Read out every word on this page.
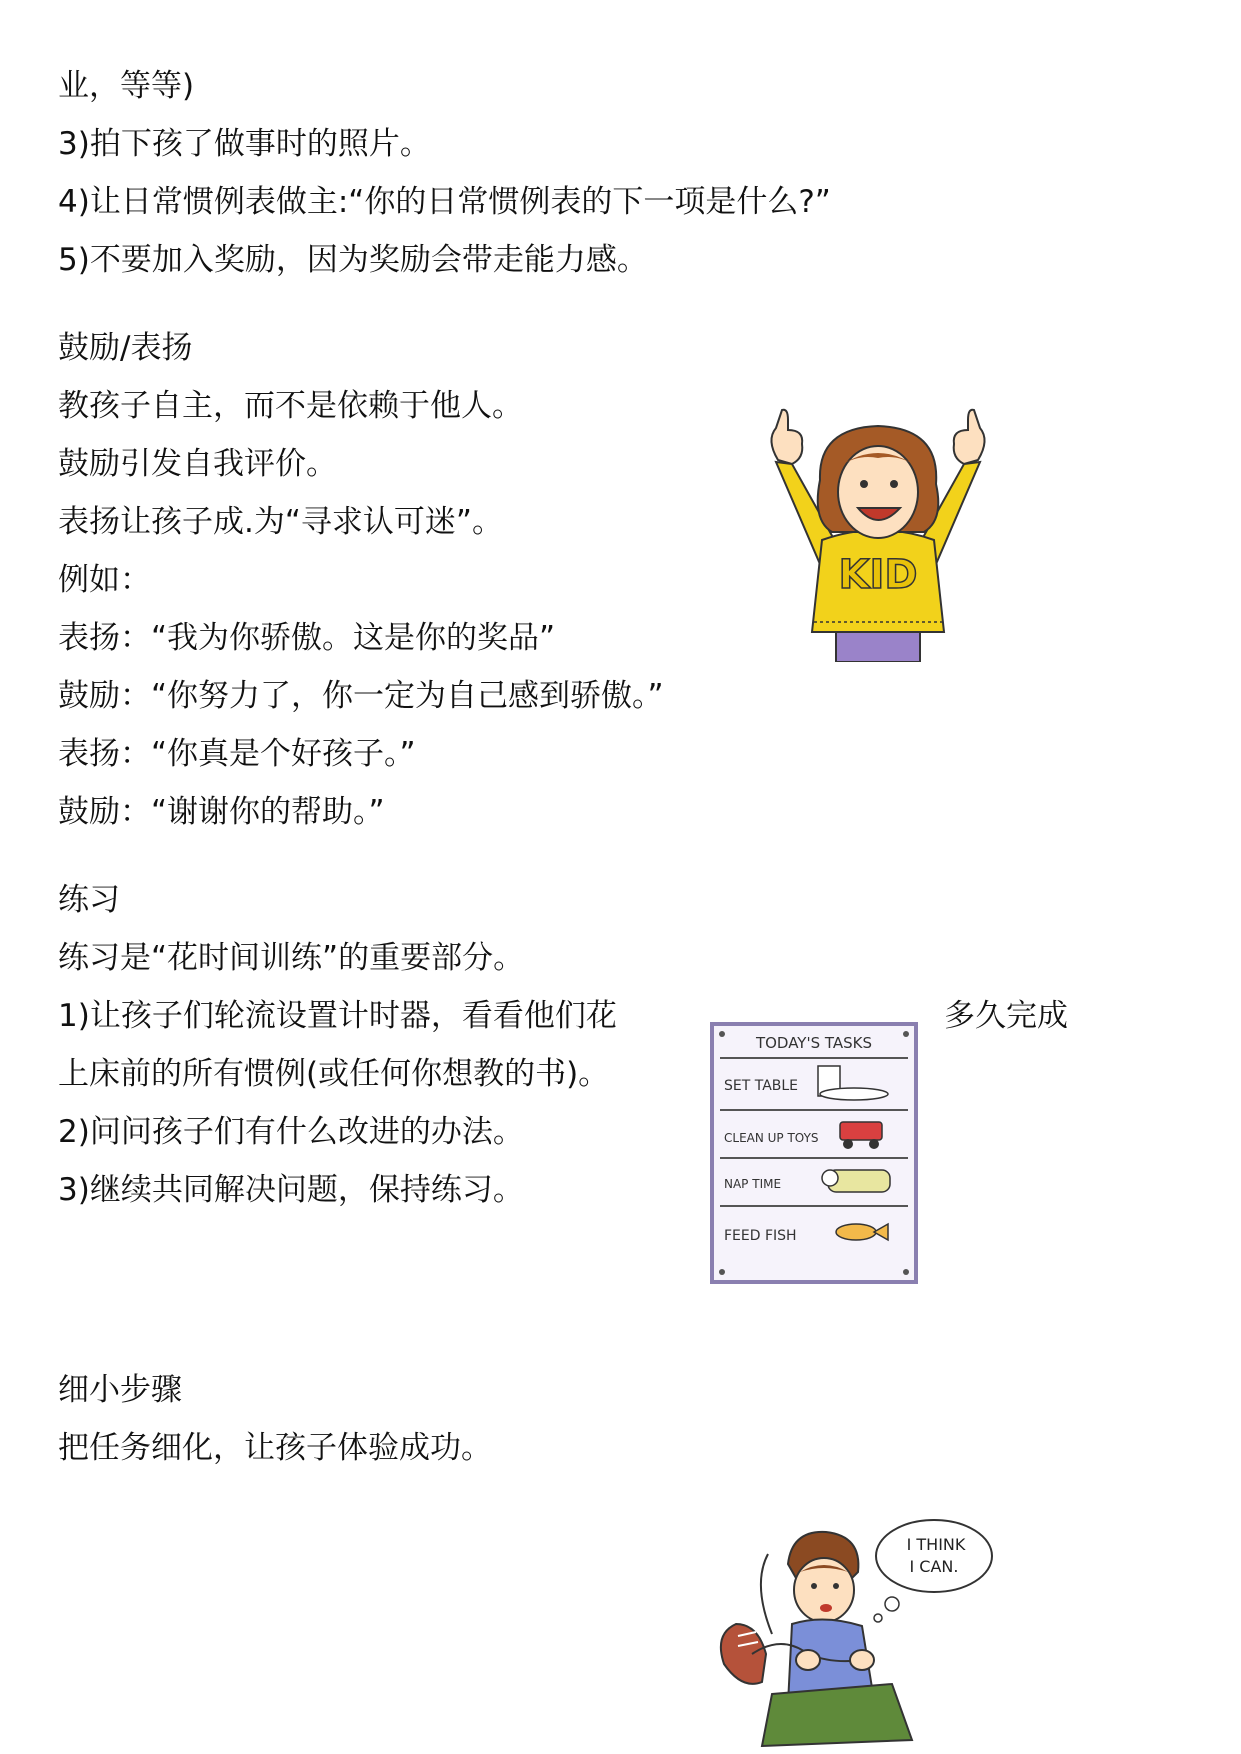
业，等等)
3)拍下孩了做事时的照片。
4)让日常惯例表做主:“你的日常惯例表的下一项是什么?”
5)不要加入奖励，因为奖励会带走能力感。
鼓励/表扬
教孩子自主，而不是依赖于他人。
鼓励引发自我评价。
表扬让孩子成.为“寻求认可迷”。
例如：
表扬：“我为你骄傲。这是你的奖品”
鼓励：“你努力了，你一定为自己感到骄傲。”
表扬：“你真是个好孩子。”
鼓励：“谢谢你的帮助。”
KID
练习
练习是“花时间训练”的重要部分。
1)让孩子们轮流设置计时器，看看他们花	多久完成
上床前的所有惯例(或任何你想教的书)。
2)问问孩子们有什么改进的办法。
3)继续共同解决问题，保持练习。
TODAY'S TASKS
SET TABLE
CLEAN UP TOYS
NAP TIME
FEED FISH
细小步骤
把任务细化，让孩子体验成功。
I THINK
I CAN.
